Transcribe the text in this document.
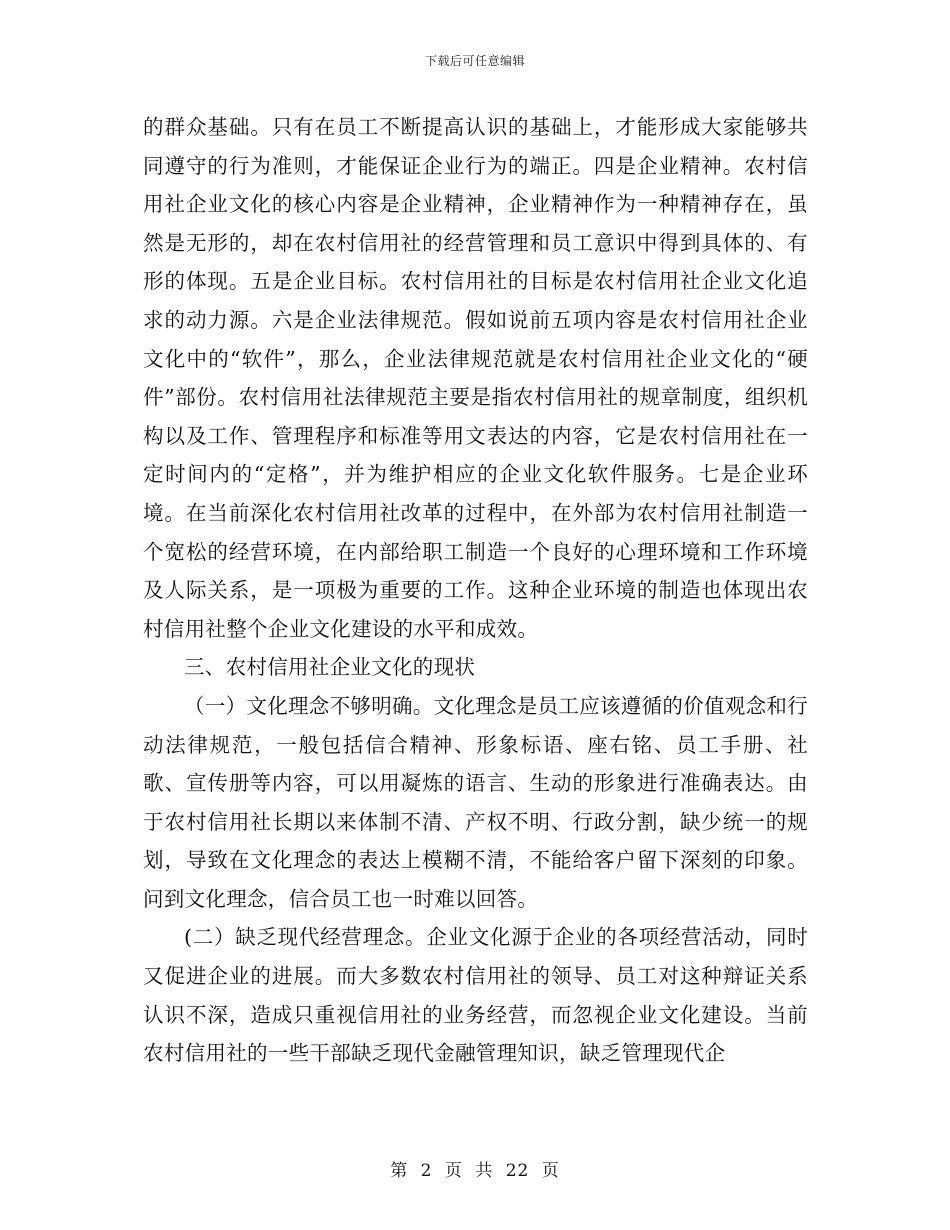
下载后可任意编辑

的群众基础。只有在员工不断提高认识的基础上，才能形成大家能够共同遵守的行为准则，才能保证企业行为的端正。四是企业精神。农村信用社企业文化的核心内容是企业精神，企业精神作为一种精神存在，虽然是无形的，却在农村信用社的经营管理和员工意识中得到具体的、有形的体现。五是企业目标。农村信用社的目标是农村信用社企业文化追求的动力源。六是企业法律规范。假如说前五项内容是农村信用社企业文化中的“软件”，那么，企业法律规范就是农村信用社企业文化的“硬件”部份。农村信用社法律规范主要是指农村信用社的规章制度，组织机构以及工作、管理程序和标准等用文表达的内容，它是农村信用社在一定时间内的“定格”，并为维护相应的企业文化软件服务。七是企业环境。在当前深化农村信用社改革的过程中，在外部为农村信用社制造一个宽松的经营环境，在内部给职工制造一个良好的心理环境和工作环境及人际关系，是一项极为重要的工作。这种企业环境的制造也体现出农村信用社整个企业文化建设的水平和成效。

三、农村信用社企业文化的现状

（一）文化理念不够明确。文化理念是员工应该遵循的价值观念和行动法律规范，一般包括信合精神、形象标语、座右铭、员工手册、社歌、宣传册等内容，可以用凝炼的语言、生动的形象进行准确表达。由于农村信用社长期以来体制不清、产权不明、行政分割，缺少统一的规划，导致在文化理念的表达上模糊不清，不能给客户留下深刻的印象。问到文化理念，信合员工也一时难以回答。

(二）缺乏现代经营理念。企业文化源于企业的各项经营活动，同时又促进企业的进展。而大多数农村信用社的领导、员工对这种辩证关系认识不深，造成只重视信用社的业务经营，而忽视企业文化建设。当前农村信用社的一些干部缺乏现代金融管理知识，缺乏管理现代企

第 2 页 共 22 页
